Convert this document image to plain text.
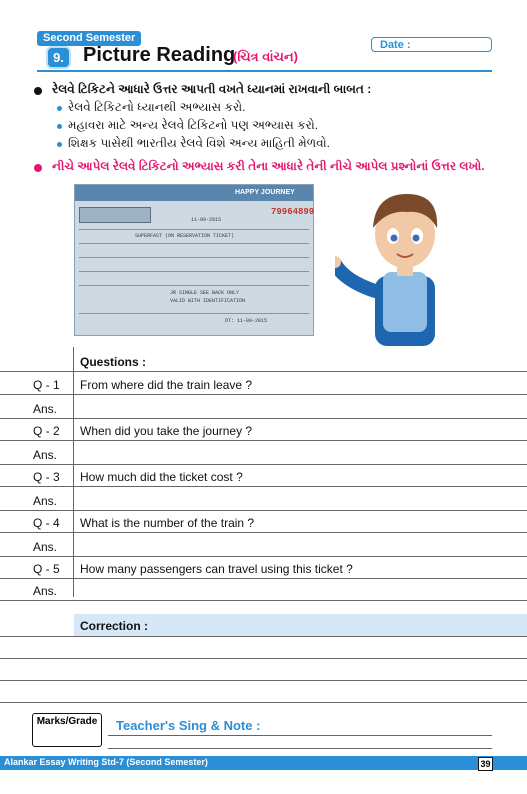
Second Semester
Date :
9. Picture Reading
(ચિત્ર વાંચન)
રેલવે ટિકિટને આધારે ઉત્તર આપતી વખતે ધ્યાનમાં રાખવાની બાબત :
રેલવે ટિકિટનો ધ્યાનથી અભ્યાસ કરો.
મહાવરા માટે અન્ય રેલવે ટિકિટનો પણ અભ્યાસ કરો.
શિક્ષક પાસેથી ભારતીય રેલવે વિશે અન્ય માહિતી મેળવો.
નીચે આપેલ રેલવે ટિકિટનો અભ્યાસ કરી તેના આધારે તેની નીચે આપેલ પ્રશ્નોનાં ઉત્તર લખો.
HAPPY JOURNEY
79964899
11-09-2015
SUPERFAST (ON RESERVATION TICKET)
JR SINGLE SEE BACK ONLY
VALID WITH IDENTIFICATION
DT: 11-09-2015
Questions :
Q - 1 From where did the train leave ?
Ans.
Q - 2 When did you take the journey ?
Ans.
Q - 3 How much did the ticket cost ?
Ans.
Q - 4 What is the number of the train ?
Ans.
Q - 5 How many passengers can travel using this ticket ?
Ans.
Correction :
Marks/Grade	Teacher's Sing & Note :
Alankar Essay Writing Std-7 (Second Semester)	39
